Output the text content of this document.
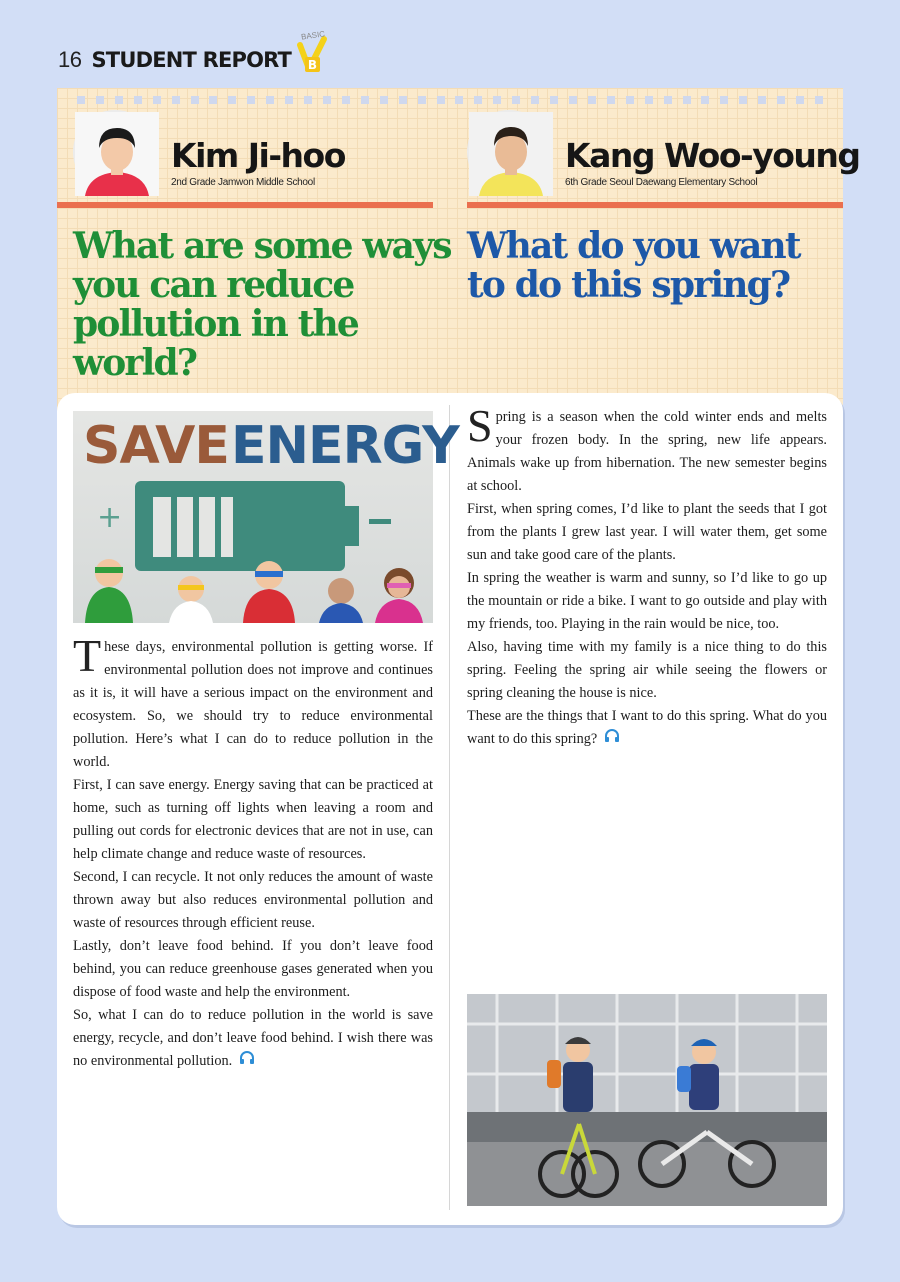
16 STUDENT REPORT
BASIC
B
Kim Ji-hoo
2nd Grade Jamwon Middle School
Kang Woo-young
6th Grade Seoul Daewang Elementary School
What are some ways you can reduce pollution in the world?
What do you want to do this spring?
SAVE ENERGY
+

These days, environmental pollution is getting worse. If environmental pollution does not improve and continues as it is, it will have a serious impact on the environment and ecosystem. So, we should try to reduce environmental pollution. Here’s what I can do to reduce pollution in the world.

First, I can save energy. Energy saving that can be practiced at home, such as turning off lights when leaving a room and pulling out cords for electronic devices that are not in use, can help climate change and reduce waste of resources.

Second, I can recycle. It not only reduces the amount of waste thrown away but also reduces environmental pollution and waste of resources through efficient reuse.

Lastly, don’t leave food behind. If you don’t leave food behind, you can reduce greenhouse gases generated when you dispose of food waste and help the environment.

So, what I can do to reduce pollution in the world is save energy, recycle, and don’t leave food behind. I wish there was no environmental pollution.

Spring is a season when the cold winter ends and melts your frozen body. In the spring, new life appears. Animals wake up from hibernation. The new semester begins at school.

First, when spring comes, I’d like to plant the seeds that I got from the plants I grew last year. I will water them, get some sun and take good care of the plants.

In spring the weather is warm and sunny, so I’d like to go up the mountain or ride a bike. I want to go outside and play with my friends, too. Playing in the rain would be nice, too.

Also, having time with my family is a nice thing to do this spring. Feeling the spring air while seeing the flowers or spring cleaning the house is nice.

These are the things that I want to do this spring. What do you want to do this spring?
